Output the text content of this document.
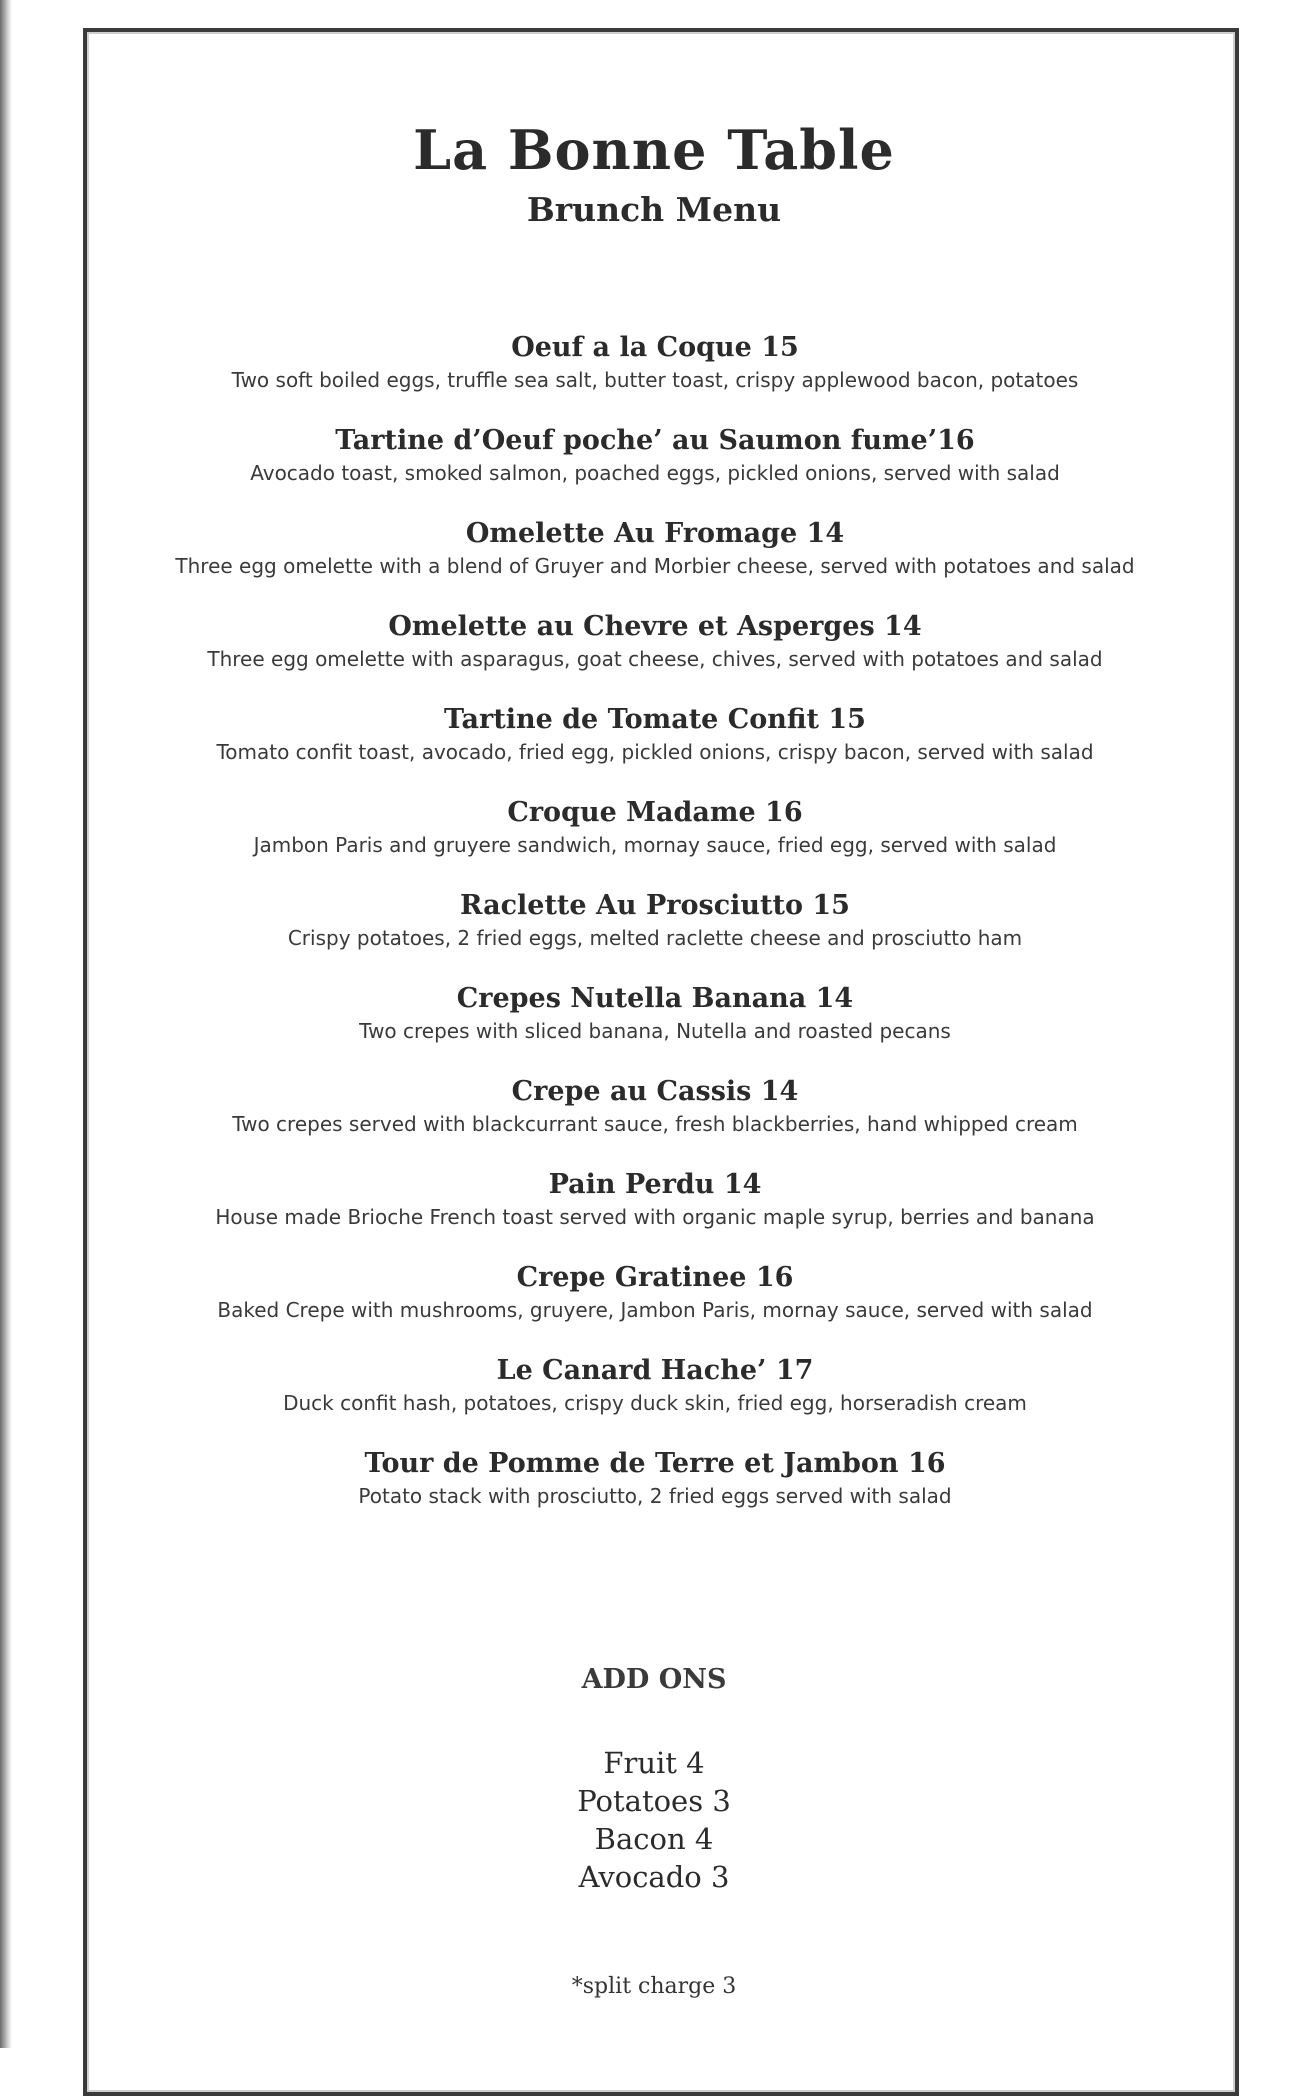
La Bonne Table
Brunch Menu
Oeuf a la Coque 15
Two soft boiled eggs, truffle sea salt, butter toast, crispy applewood bacon, potatoes
Tartine d’Oeuf poche’ au Saumon fume’16
Avocado toast, smoked salmon, poached eggs, pickled onions, served with salad
Omelette Au Fromage 14
Three egg omelette with a blend of Gruyer and Morbier cheese, served with potatoes and salad
Omelette au Chevre et Asperges 14
Three egg omelette with asparagus, goat cheese, chives, served with potatoes and salad
Tartine de Tomate Confit 15
Tomato confit toast, avocado, fried egg, pickled onions, crispy bacon, served with salad
Croque Madame 16
Jambon Paris and gruyere sandwich, mornay sauce, fried egg, served with salad
Raclette Au Prosciutto 15
Crispy potatoes, 2 fried eggs, melted raclette cheese and prosciutto ham
Crepes Nutella Banana 14
Two crepes with sliced banana, Nutella and roasted pecans
Crepe au Cassis 14
Two crepes served with blackcurrant sauce, fresh blackberries, hand whipped cream
Pain Perdu 14
House made Brioche French toast served with organic maple syrup, berries and banana
Crepe Gratinee 16
Baked Crepe with mushrooms, gruyere, Jambon Paris, mornay sauce, served with salad
Le Canard Hache’ 17
Duck confit hash, potatoes, crispy duck skin, fried egg, horseradish cream
Tour de Pomme de Terre et Jambon 16
Potato stack with prosciutto, 2 fried eggs served with salad
ADD ONS
Fruit 4
Potatoes 3
Bacon 4
Avocado 3
*split charge 3
